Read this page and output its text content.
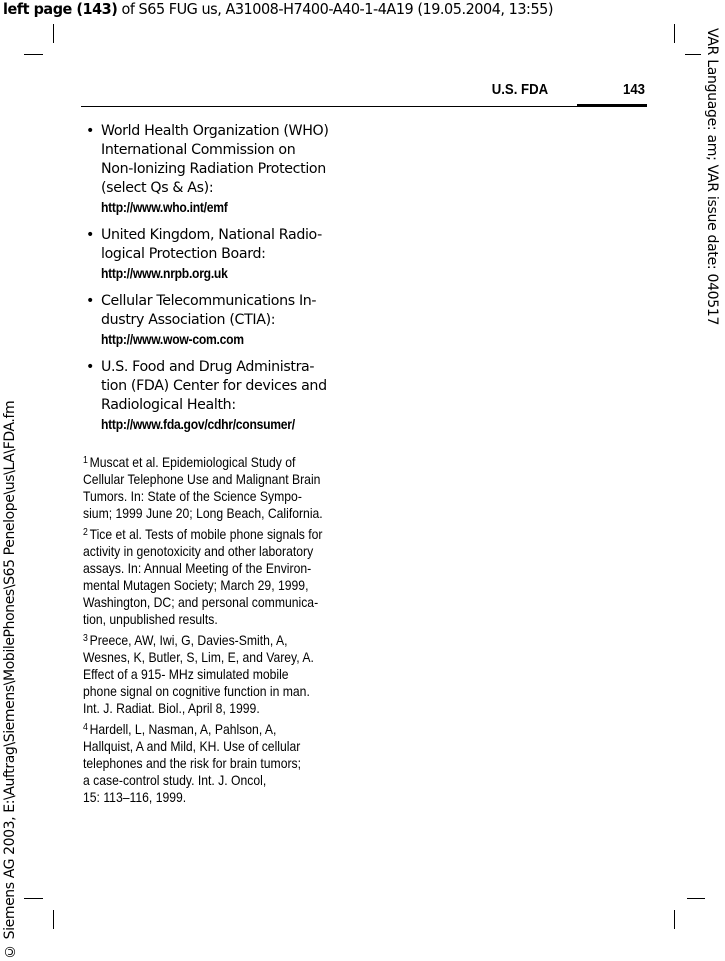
left page (143) of S65 FUG us, A31008-H7400-A40-1-4A19 (19.05.2004, 13:55)
VAR Language: am; VAR issue date: 040517
© Siemens AG 2003, E:\Auftrag\Siemens\MobilePhones\S65 Penelope\us\LA\FDA.fm
U.S. FDA	143
• World Health Organization (WHO)
International Commission on
Non-Ionizing Radiation Protection
(select Qs & As):
http://www.who.int/emf
• United Kingdom, National Radio-
logical Protection Board:
http://www.nrpb.org.uk
• Cellular Telecommunications In-
dustry Association (CTIA):
http://www.wow-com.com
• U.S. Food and Drug Administra-
tion (FDA) Center for devices and
Radiological Health:
http://www.fda.gov/cdhr/consumer/
$^1$ Muscat et al. Epidemiological Study of
Cellular Telephone Use and Malignant Brain
Tumors. In: State of the Science Sympo-
sium; 1999 June 20; Long Beach, California.
$^2$ Tice et al. Tests of mobile phone signals for
activity in genotoxicity and other laboratory
assays. In: Annual Meeting of the Environ-
mental Mutagen Society; March 29, 1999,
Washington, DC; and personal communica-
tion, unpublished results.
$^3$ Preece, AW, Iwi, G, Davies-Smith, A,
Wesnes, K, Butler, S, Lim, E, and Varey, A.
Effect of a 915- MHz simulated mobile
phone signal on cognitive function in man.
Int. J. Radiat. Biol., April 8, 1999.
$^4$ Hardell, L, Nasman, A, Pahlson, A,
Hallquist, A and Mild, KH. Use of cellular
telephones and the risk for brain tumors;
a case-control study. Int. J. Oncol,
15: 113–116, 1999.
